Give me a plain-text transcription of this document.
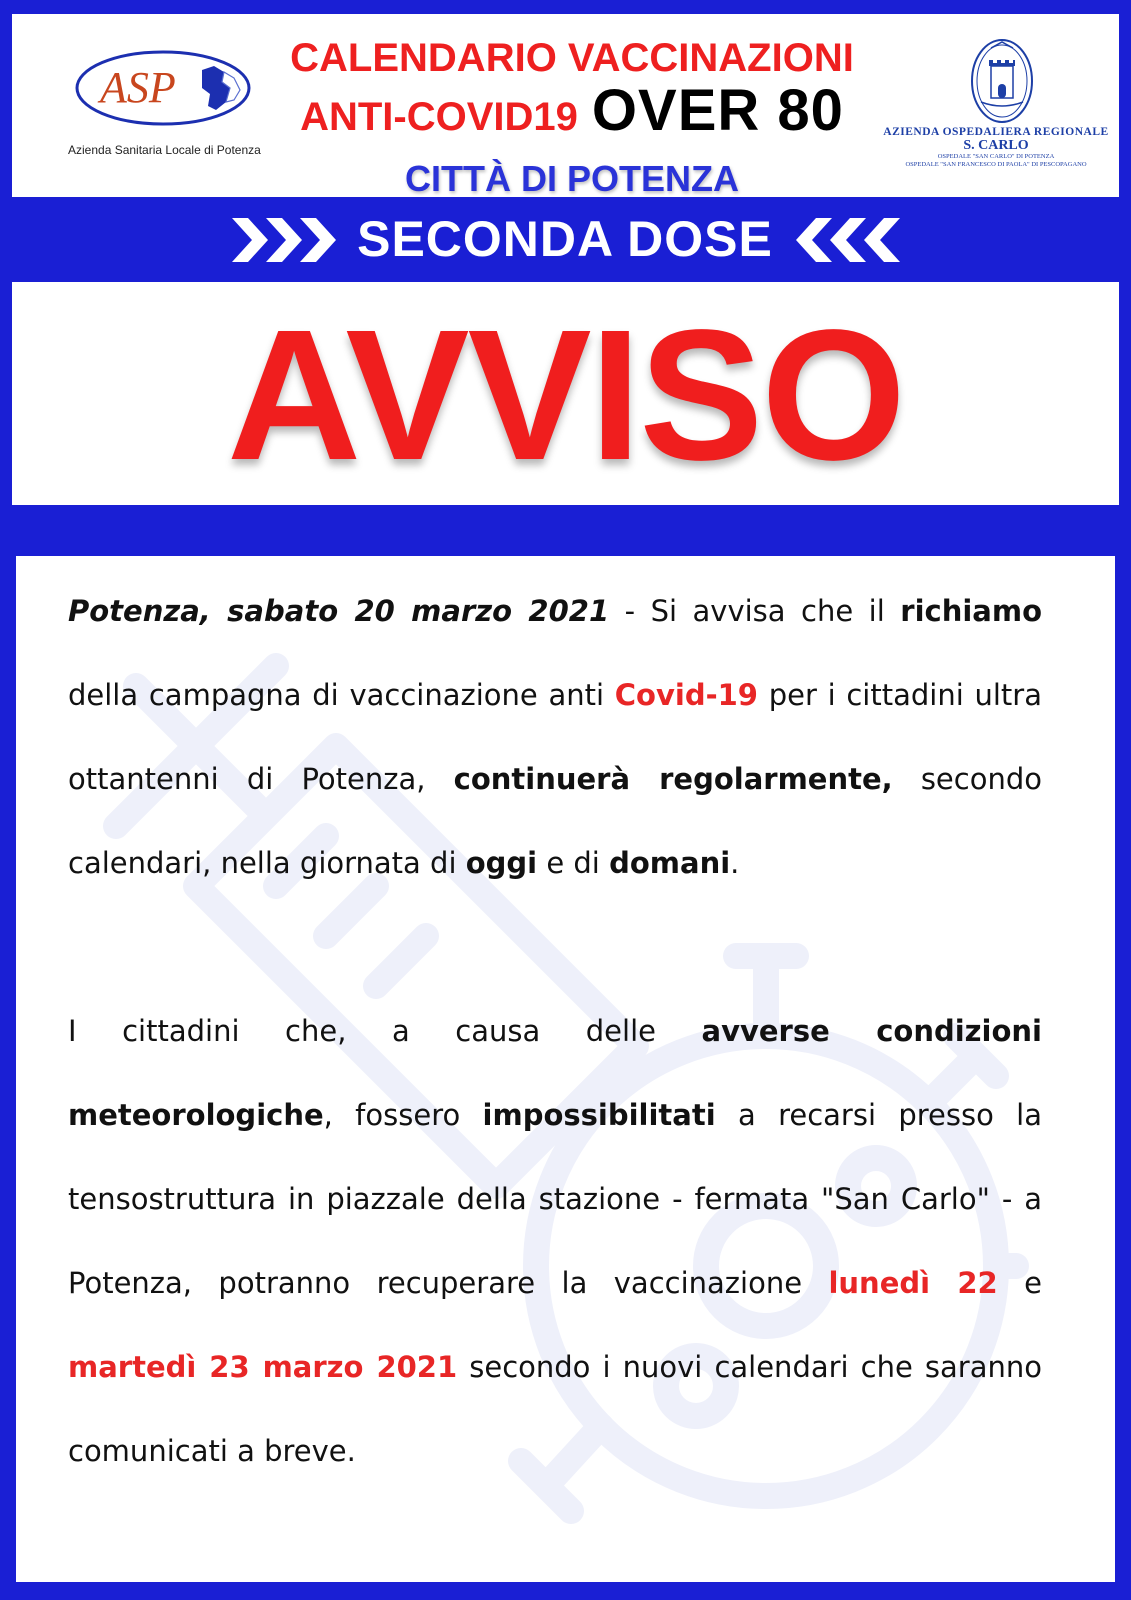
ASP
Azienda Sanitaria Locale di Potenza
CALENDARIO VACCINAZIONI
ANTI-COVID19 OVER 80
CITTÀ DI POTENZA
AZIENDA OSPEDALIERA REGIONALE
S. CARLO
OSPEDALE "SAN CARLO" DI POTENZA
OSPEDALE "SAN FRANCESCO DI PAOLA" DI PESCOPAGANO
SECONDA DOSE
AVVISO

Potenza, sabato 20 marzo 2021 - Si avvisa che il richiamo della campagna di vaccinazione anti Covid-19 per i cittadini ultra ottantenni di Potenza, continuerà regolarmente, secondo calendari, nella giornata di oggi e di domani.

I cittadini che, a causa delle avverse condizioni meteorologiche, fossero impossibilitati a recarsi presso la tensostruttura in piazzale della stazione - fermata "San Carlo" - a Potenza, potranno recuperare la vaccinazione lunedì 22 e martedì 23 marzo 2021 secondo i nuovi calendari che saranno comunicati a breve.
